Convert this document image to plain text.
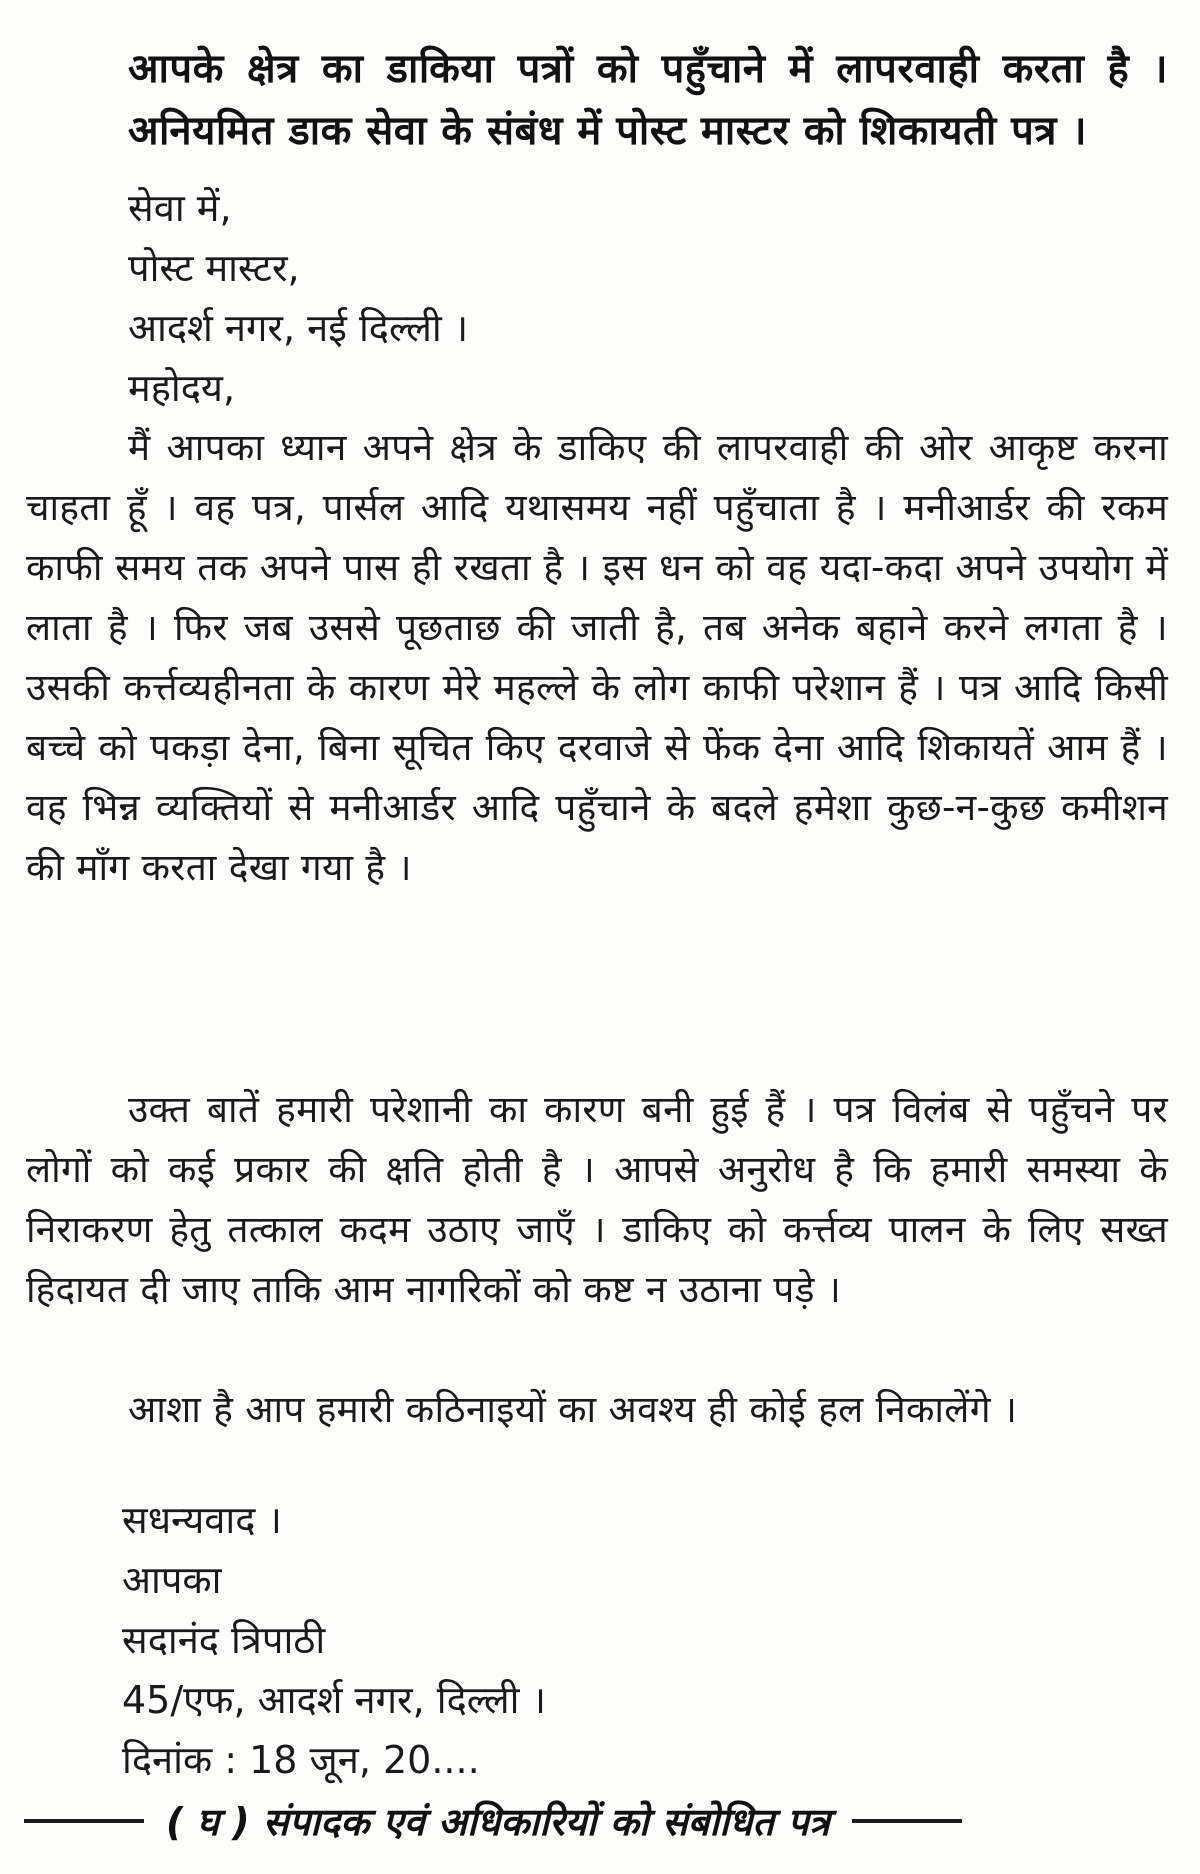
आपके क्षेत्र का डाकिया पत्रों को पहुँचाने में लापरवाही करता है । अनियमित डाक सेवा के संबंध में पोस्ट मास्टर को शिकायती पत्र ।
सेवा में,
पोस्ट मास्टर,
आदर्श नगर, नई दिल्ली ।
महोदय,
मैं आपका ध्यान अपने क्षेत्र के डाकिए की लापरवाही की ओर आकृष्ट करना चाहता हूँ । वह पत्र, पार्सल आदि यथासमय नहीं पहुँचाता है । मनीआर्डर की रकम काफी समय तक अपने पास ही रखता है । इस धन को वह यदा-कदा अपने उपयोग में लाता है । फिर जब उससे पूछताछ की जाती है, तब अनेक बहाने करने लगता है । उसकी कर्त्तव्यहीनता के कारण मेरे महल्ले के लोग काफी परेशान हैं । पत्र आदि किसी बच्चे को पकड़ा देना, बिना सूचित किए दरवाजे से फेंक देना आदि शिकायतें आम हैं । वह भिन्न व्यक्तियों से मनीआर्डर आदि पहुँचाने के बदले हमेशा कुछ-न-कुछ कमीशन की माँग करता देखा गया है ।
उक्त बातें हमारी परेशानी का कारण बनी हुई हैं । पत्र विलंब से पहुँचने पर लोगों को कई प्रकार की क्षति होती है । आपसे अनुरोध है कि हमारी समस्या के निराकरण हेतु तत्काल कदम उठाए जाएँ । डाकिए को कर्त्तव्य पालन के लिए सख्त हिदायत दी जाए ताकि आम नागरिकों को कष्ट न उठाना पड़े ।
आशा है आप हमारी कठिनाइयों का अवश्य ही कोई हल निकालेंगे ।
सधन्यवाद ।
आपका
सदानंद त्रिपाठी
45/एफ, आदर्श नगर, दिल्ली ।
दिनांक : 18 जून, 20....
( घ ) संपादक एवं अधिकारियों को संबोधित पत्र
